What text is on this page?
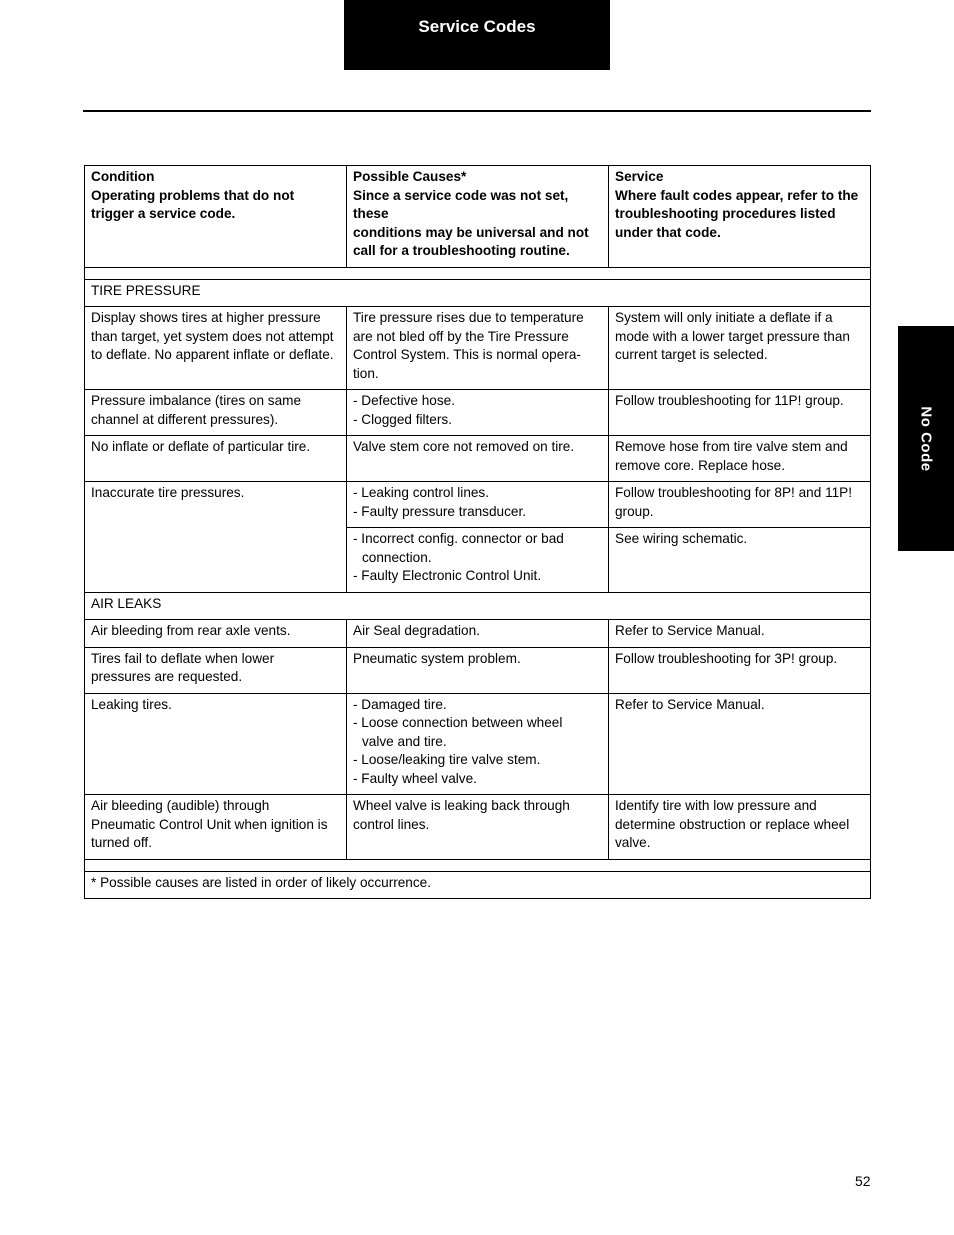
Service Codes
No Code
Condition
Operating problems that do not
trigger a service code.	Possible Causes*
Since a service code was not set, these
conditions may be universal and not
call for a troubleshooting routine.	Service
Where fault codes appear, refer to the
troubleshooting procedures listed
under that code.

TIRE PRESSURE		

Display shows tires at higher pressure
than target, yet system does not attempt
to deflate. No apparent inflate or deflate.	Tire pressure rises due to temperature
are not bled off by the Tire Pressure
Control System. This is normal opera-
tion.	System will only initiate a deflate if a
mode with a lower target pressure than
current target is selected.

Pressure imbalance (tires on same
channel at different pressures).	- Defective hose.
- Clogged filters.	Follow troubleshooting for 11P! group.

No inflate or deflate of particular tire.	Valve stem core not removed on tire.	Remove hose from tire valve stem and
remove core. Replace hose.

Inaccurate tire pressures.	- Leaking control lines.
- Faulty pressure transducer.	Follow troubleshooting for 8P! and 11P!
group.

	- Incorrect config. connector or bad
connection.
- Faulty Electronic Control Unit.	See wiring schematic.

AIR LEAKS		

Air bleeding from rear axle vents.	Air Seal degradation.	Refer to Service Manual.

Tires fail to deflate when lower
pressures are requested.	Pneumatic system problem.	Follow troubleshooting for 3P! group.

Leaking tires.	- Damaged tire.
- Loose connection between wheel
valve and tire.
- Loose/leaking tire valve stem.
- Faulty wheel valve.	Refer to Service Manual.

Air bleeding (audible) through
Pneumatic Control Unit when ignition is
turned off.	Wheel valve is leaking back through
control lines.	Identify tire with low pressure and
determine obstruction or replace wheel
valve.

* Possible causes are listed in order of likely occurrence.		
52
